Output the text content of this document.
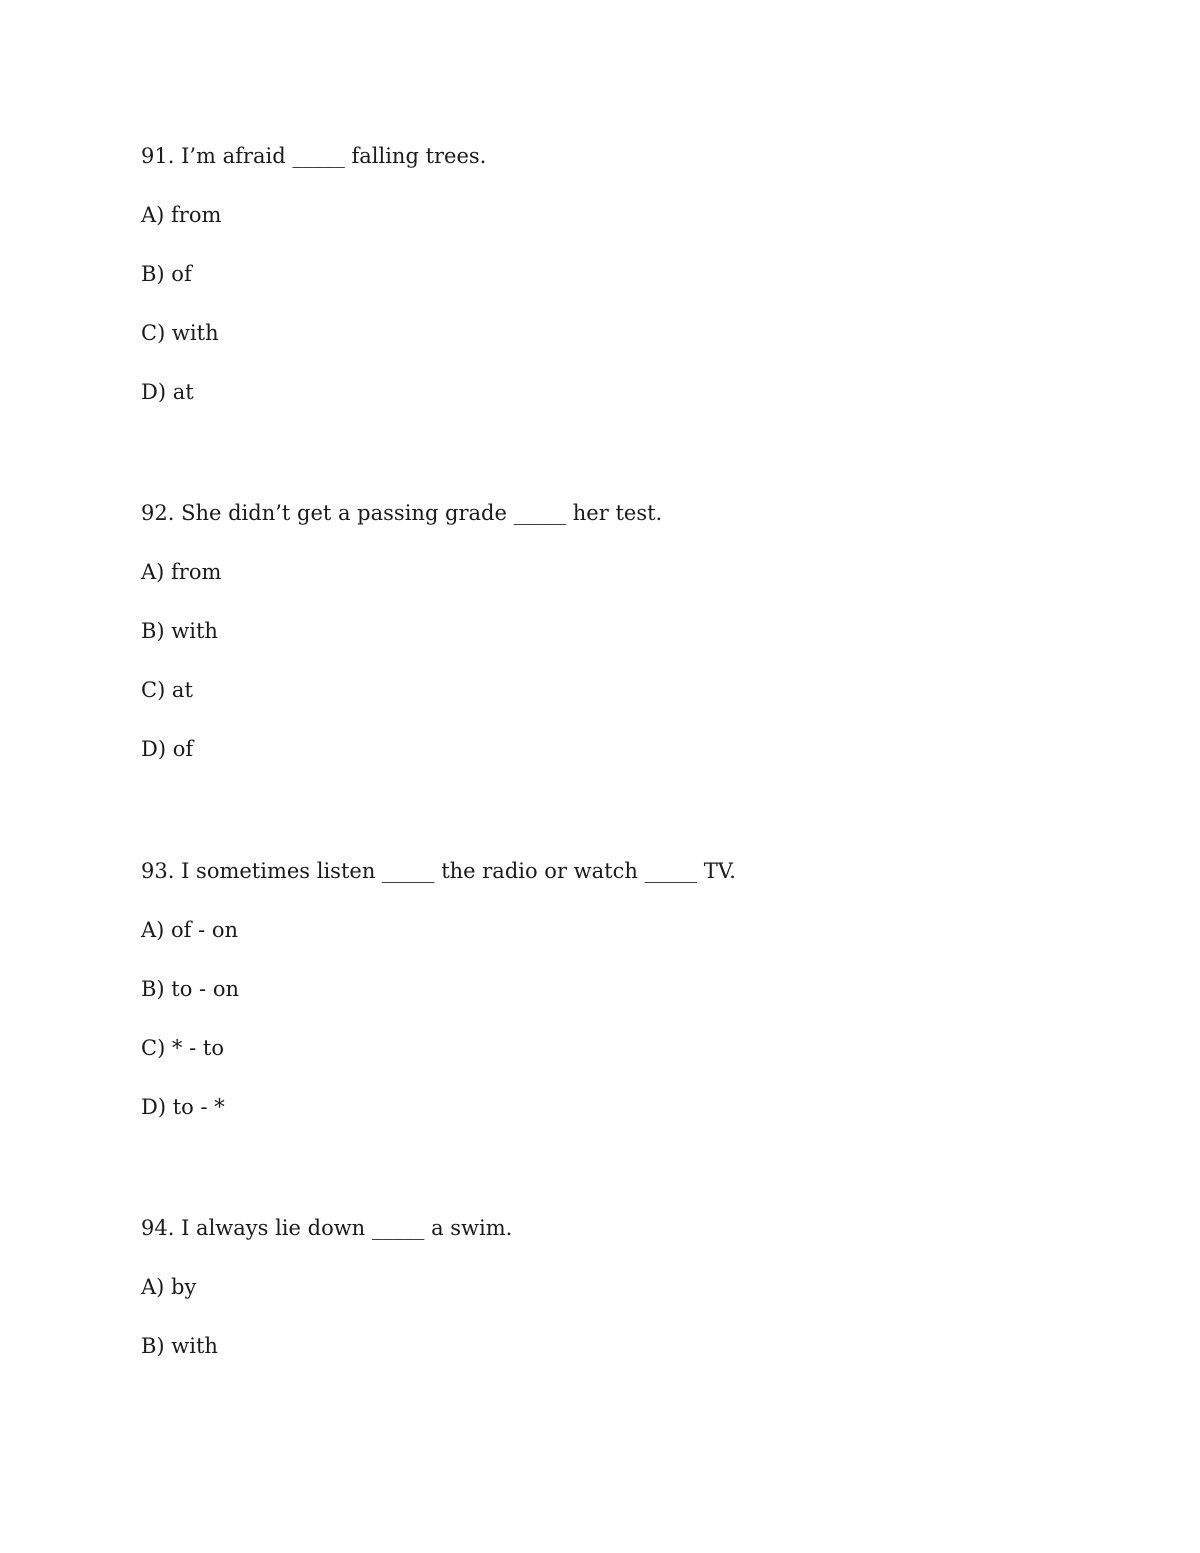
91. I’m afraid _____ falling trees.

A) from

B) of

C) with

D) at

92. She didn’t get a passing grade _____ her test.

A) from

B) with

C) at

D) of

93. I sometimes listen _____ the radio or watch _____ TV.

A) of - on

B) to - on

C) * - to

D) to - *

94. I always lie down _____ a swim.

A) by

B) with
